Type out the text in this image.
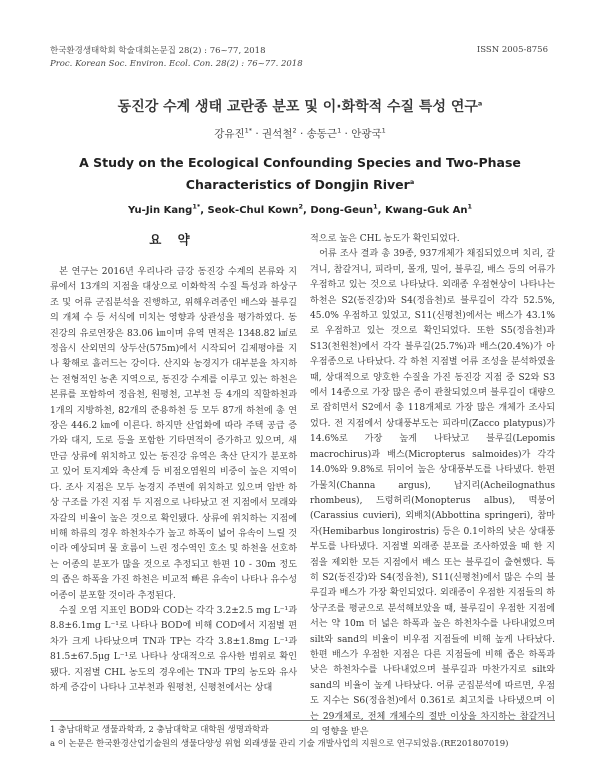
한국환경생태학회 학술대회논문집 28(2) : 76~77, 2018
Proc. Korean Soc. Environ. Ecol. Con. 28(2) : 76~77. 2018
ISSN 2005-8756
동진강 수계 생태 교란종 분포 및 이·화학적 수질 특성 연구$^a$
강유진$^{1*}$ · 권석철$^2$ · 송동근$^1$ · 안광국$^1$
A Study on the Ecological Confounding Species and Two-Phase Characteristics of Dongjin River$^a$
Yu-Jin Kang$^{1*}$, Seok-Chul Kown$^2$, Dong-Geun$^1$, Kwang-Guk An$^1$
요 약

본 연구는 2016년 우리나라 금강 동진강 수계의 본류와 지류에서 13개의 지점을 대상으로 이화학적 수질 특성과 하상구조 및 어류 군집분석을 진행하고, 위해우려종인 배스와 블루길의 개체 수 등 서식에 미치는 영향과 상관성을 평가하였다. 동진강의 유로연장은 83.06 ㎞이며 유역 면적은 1348.82 ㎢로 정읍시 산외면의 상두산(575m)에서 시작되어 김제평야를 지나 황해로 흘러드는 강이다. 산지와 농경지가 대부분을 차지하는 전형적인 농촌 지역으로, 동진강 수계를 이루고 있는 하천은 본류를 포함하여 정읍천, 원평천, 고부천 등 4개의 직할하천과 1개의 지방하천, 82개의 준용하천 등 모두 87개 하천에 총 연장은 446.2 ㎞에 이른다. 하지만 산업화에 따라 주택 공급 증가와 대지, 도로 등을 포함한 기타면적이 증가하고 있으며, 새만금 상류에 위치하고 있는 동진강 유역은 축산 단지가 분포하고 있어 토지계와 축산계 등 비점오염원의 비중이 높은 지역이다. 조사 지점은 모두 농경지 주변에 위치하고 있으며 암반 하상 구조를 가진 지점 두 지점으로 나타났고 전 지점에서 모래와 자갈의 비율이 높은 것으로 확인됐다. 상류에 위치하는 지점에 비해 하류의 경우 하천차수가 높고 하폭이 넓어 유속이 느릴 것이라 예상되며 물 흐름이 느린 정수역인 호소 및 하천을 선호하는 어종의 분포가 많을 것으로 추정되고 한편 10 - 30m 정도의 좁은 하폭을 가진 하천은 비교적 빠른 유속이 나타나 유수성 어종이 분포할 것이라 추정된다.

수질 오염 지표인 BOD와 COD는 각각 3.2±2.5 mg L⁻¹과 8.8±6.1mg L⁻¹로 나타나 BOD에 비해 COD에서 지점별 편차가 크게 나타났으며 TN과 TP는 각각 3.8±1.8mg L⁻¹과 81.5±67.5μg L⁻¹로 나타나 상대적으로 유사한 범위로 확인됐다. 지점별 CHL 농도의 경우에는 TN과 TP의 농도와 유사하게 증감이 나타나 고부천과 원평천, 신평천에서는 상대

적으로 높은 CHL 농도가 확인되었다.

어류 조사 결과 총 39종, 937개체가 채집되었으며 치리, 갈겨니, 참갈겨니, 피라미, 몰개, 밀어, 블루길, 배스 등의 어류가 우점하고 있는 것으로 나타났다. 외래종 우점현상이 나타나는 하천은 S2(동진강)와 S4(정읍천)로 블루길이 각각 52.5%, 45.0% 우점하고 있었고, S11(신평천)에서는 배스가 43.1%로 우점하고 있는 것으로 확인되었다. 또한 S5(정읍천)과 S13(천원천)에서 각각 블루길(25.7%)과 배스(20.4%)가 아우점종으로 나타났다. 각 하천 지점별 어류 조성을 분석하였을 때, 상대적으로 양호한 수질을 가진 동진강 지점 중 S2와 S3에서 14종으로 가장 많은 종이 관찰되었으며 블루길이 대량으로 잡히면서 S2에서 총 118개체로 가장 많은 개체가 조사되었다. 전 지점에서 상대풍부도는 피라미(Zacco platypus)가 14.6%로 가장 높게 나타났고 블루길(Lepomis macrochirus)과 배스(Micropterus salmoides)가 각각 14.0%와 9.8%로 뒤이어 높은 상대풍부도를 나타냈다. 한편 가물치(Channa argus), 납지리(Acheilognathus rhombeus), 드렁허리(Monopterus albus), 떡붕어(Carassius cuvieri), 외배치(Abbottina springeri), 참마자(Hemibarbus longirostris) 등은 0.1이하의 낮은 상대풍부도를 나타냈다. 지점별 외래종 분포를 조사하였을 때 한 지점을 제외한 모든 지점에서 배스 또는 블루길이 출현했다. 특히 S2(동진강)와 S4(정읍천), S11(신평천)에서 많은 수의 블루길과 배스가 가장 확인되었다. 외래종이 우점한 지점들의 하상구조를 평균으로 분석해보았을 때, 블루길이 우점한 지점에서는 약 10m 더 넓은 하폭과 높은 하천차수를 나타내었으며 silt와 sand의 비율이 비우점 지점들에 비해 높게 나타났다. 한편 배스가 우점한 지점은 다른 지점들에 비해 좁은 하폭과 낮은 하천차수를 나타내었으며 블루길과 마찬가지로 silt와 sand의 비율이 높게 나타났다. 어류 군집분석에 따르면, 우점도 지수는 S6(정읍천)에서 0.361로 최고치를 나타냈으며 이는 29개체로, 전체 개체수의 절반 이상을 차지하는 참갈겨니의 영향을 받은

1 충남대학교 생물과학과, 2 충남대학교 대학원 생명과학과
a 이 논문은 한국환경산업기술원의 생물다양성 위협 외래생물 관리 기술 개발사업의 지원으로 연구되었음.(RE201807019)
